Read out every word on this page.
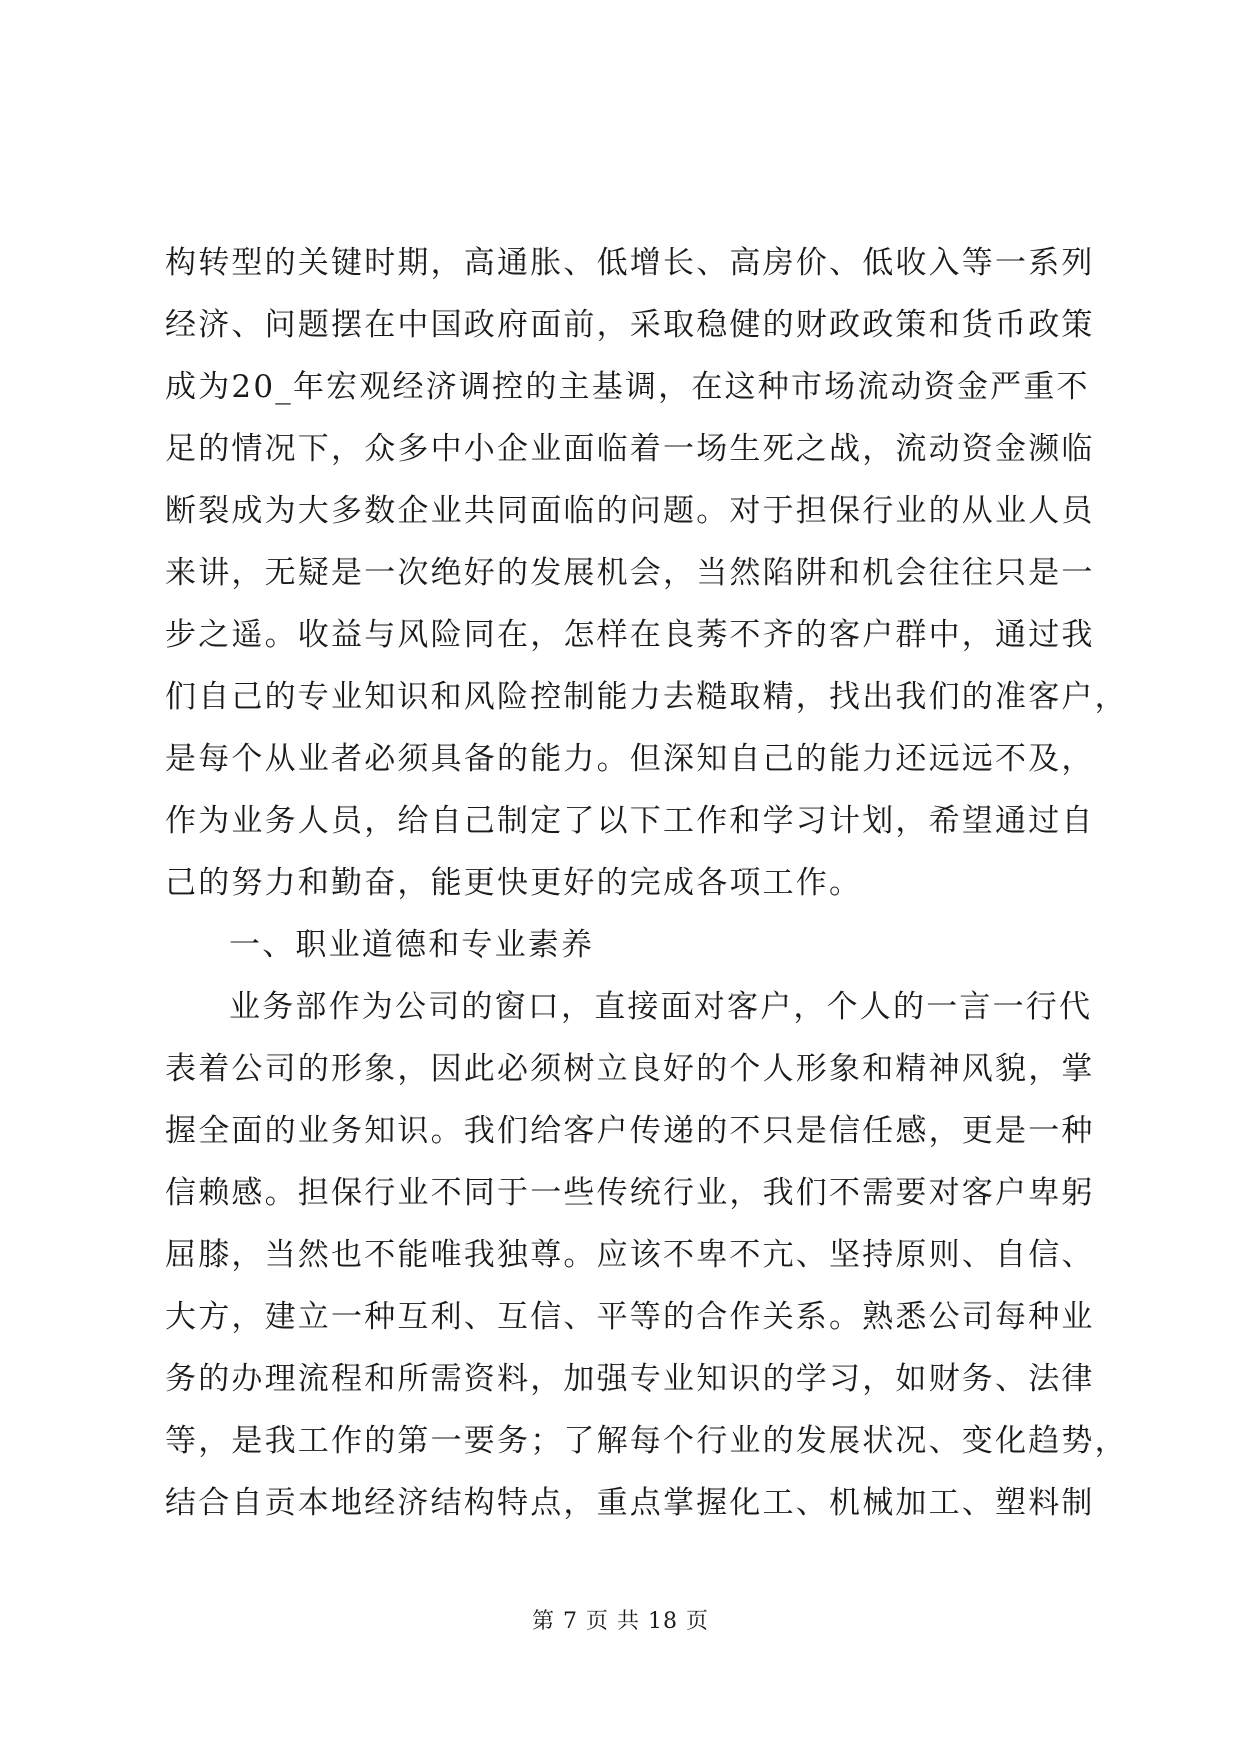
构转型的关键时期，高通胀、低增长、高房价、低收入等一系列
经济、问题摆在中国政府面前，采取稳健的财政政策和货币政策
成为20_年宏观经济调控的主基调，在这种市场流动资金严重不
足的情况下，众多中小企业面临着一场生死之战，流动资金濒临
断裂成为大多数企业共同面临的问题。对于担保行业的从业人员
来讲，无疑是一次绝好的发展机会，当然陷阱和机会往往只是一
步之遥。收益与风险同在，怎样在良莠不齐的客户群中，通过我
们自己的专业知识和风险控制能力去糙取精，找出我们的准客户，
是每个从业者必须具备的能力。但深知自己的能力还远远不及，
作为业务人员，给自己制定了以下工作和学习计划，希望通过自
己的努力和勤奋，能更快更好的完成各项工作。
一、职业道德和专业素养
业务部作为公司的窗口，直接面对客户，个人的一言一行代
表着公司的形象，因此必须树立良好的个人形象和精神风貌，掌
握全面的业务知识。我们给客户传递的不只是信任感，更是一种
信赖感。担保行业不同于一些传统行业，我们不需要对客户卑躬
屈膝，当然也不能唯我独尊。应该不卑不亢、坚持原则、自信、
大方，建立一种互利、互信、平等的合作关系。熟悉公司每种业
务的办理流程和所需资料，加强专业知识的学习，如财务、法律
等，是我工作的第一要务；了解每个行业的发展状况、变化趋势，
结合自贡本地经济结构特点，重点掌握化工、机械加工、塑料制
第 7 页 共 18 页
